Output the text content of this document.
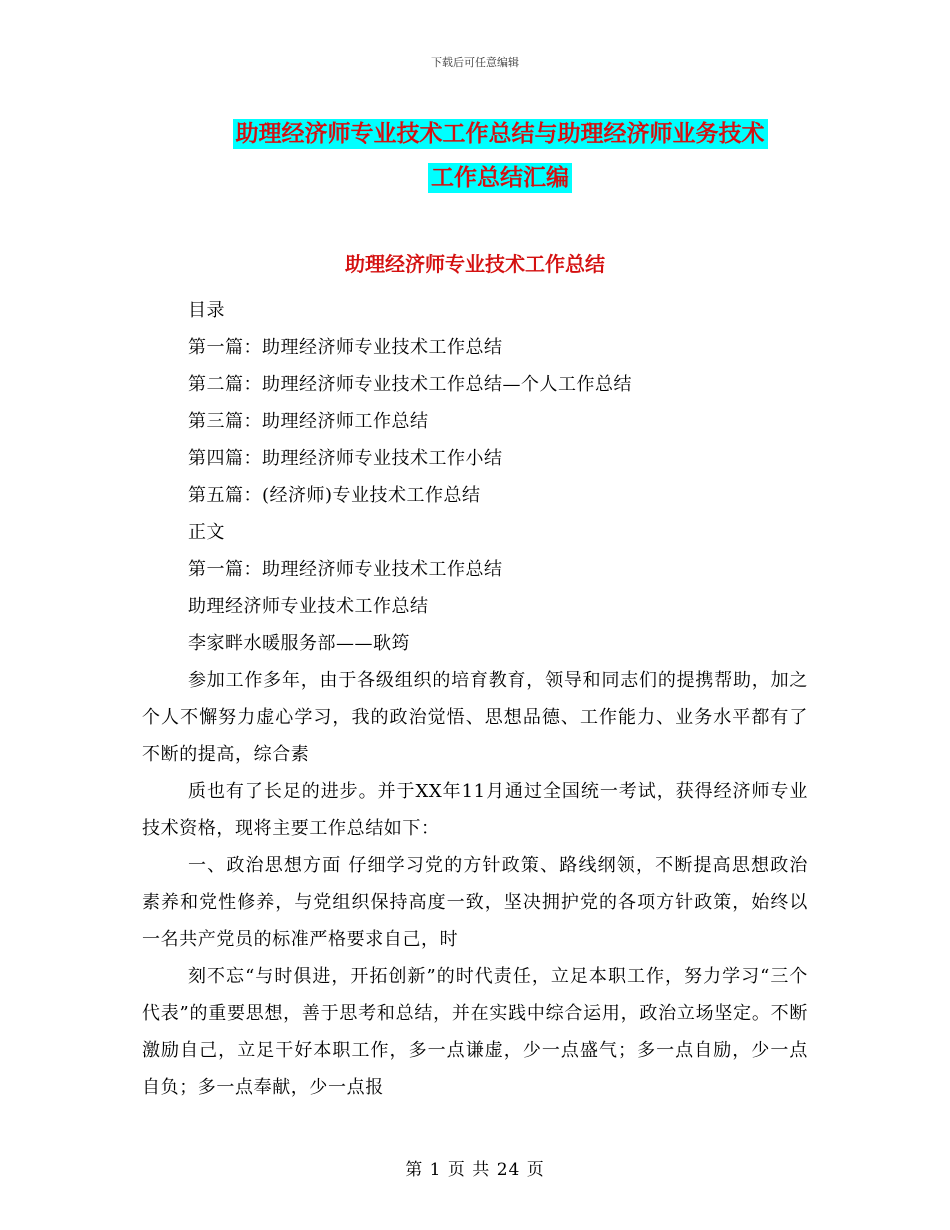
下载后可任意编辑
助理经济师专业技术工作总结与助理经济师业务技术
工作总结汇编
助理经济师专业技术工作总结
目录
第一篇：助理经济师专业技术工作总结
第二篇：助理经济师专业技术工作总结—个人工作总结
第三篇：助理经济师工作总结
第四篇：助理经济师专业技术工作小结
第五篇：(经济师)专业技术工作总结
正文
第一篇：助理经济师专业技术工作总结
助理经济师专业技术工作总结
李家畔水暖服务部——耿筠
参加工作多年，由于各级组织的培育教育，领导和同志们的提携帮助，加之个人不懈努力虚心学习，我的政治觉悟、思想品德、工作能力、业务水平都有了不断的提高，综合素
质也有了长足的进步。并于XX年11月通过全国统一考试，获得经济师专业技术资格，现将主要工作总结如下：
一、政治思想方面 仔细学习党的方针政策、路线纲领，不断提高思想政治素养和党性修养，与党组织保持高度一致，坚决拥护党的各项方针政策，始终以一名共产党员的标准严格要求自己，时
刻不忘“与时俱进，开拓创新”的时代责任，立足本职工作，努力学习“三个代表”的重要思想，善于思考和总结，并在实践中综合运用，政治立场坚定。不断激励自己，立足干好本职工作，多一点谦虚，少一点盛气；多一点自励，少一点自负；多一点奉献，少一点报
第 1 页 共 24 页
